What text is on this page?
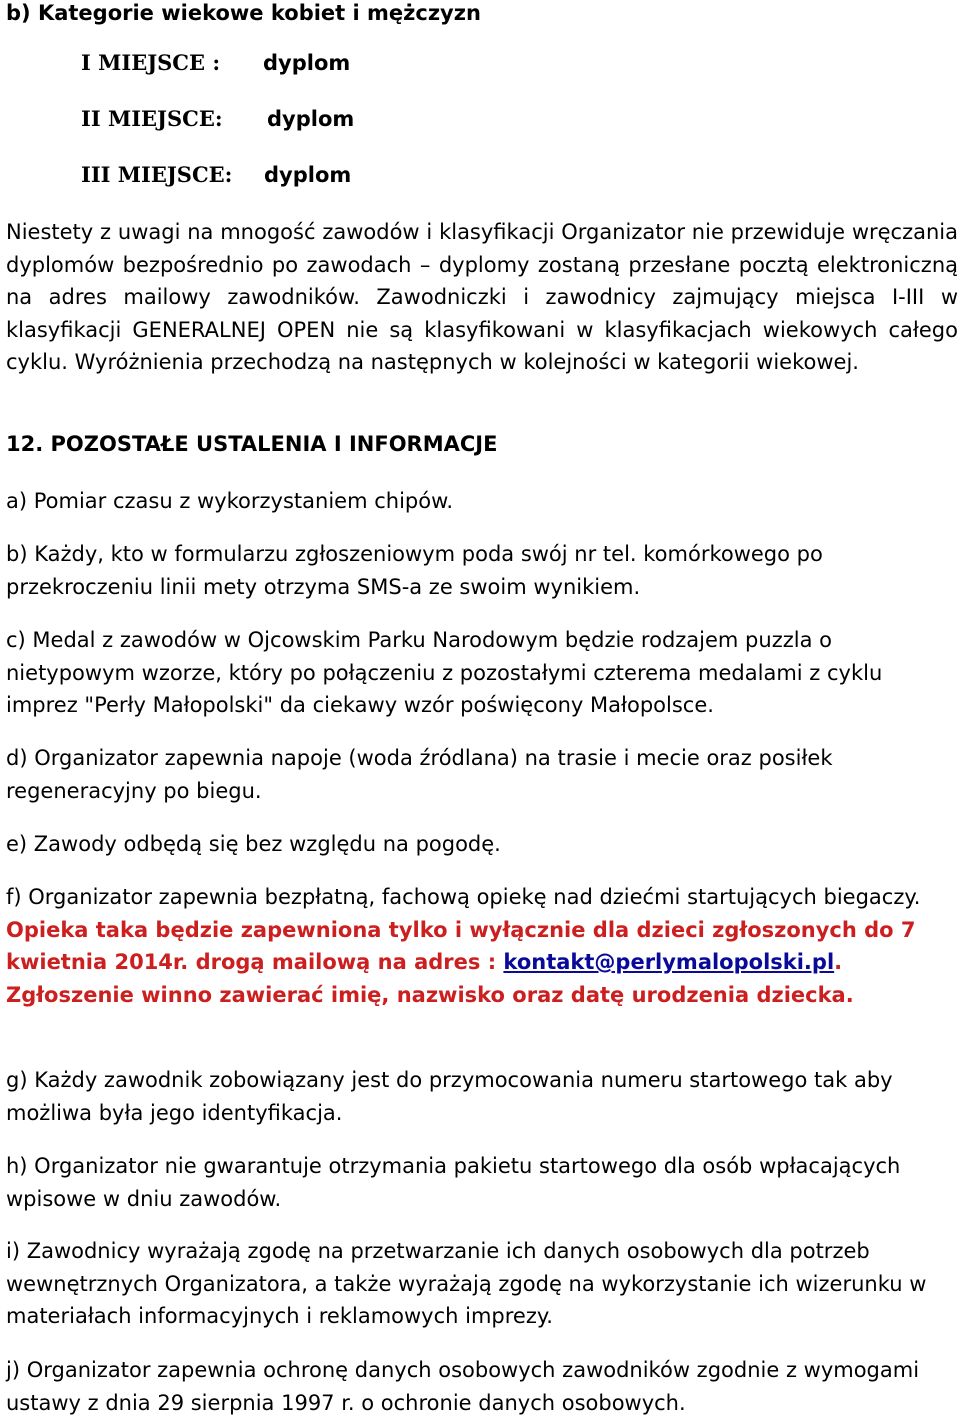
b) Kategorie wiekowe kobiet i mężczyzn
I MIEJSCE : dyplom
II MIEJSCE: dyplom
III MIEJSCE: dyplom

Niestety z uwagi na mnogość zawodów i klasyfikacji Organizator nie przewiduje wręczania dyplomów bezpośrednio po zawodach – dyplomy zostaną przesłane pocztą elektroniczną na adres mailowy zawodników. Zawodniczki i zawodnicy zajmujący miejsca I-III w klasyfikacji GENERALNEJ OPEN nie są klasyfikowani w klasyfikacjach wiekowych całego cyklu. Wyróżnienia przechodzą na następnych w kolejności w kategorii wiekowej.

12. POZOSTAŁE USTALENIA I INFORMACJE

a) Pomiar czasu z wykorzystaniem chipów.

b) Każdy, kto w formularzu zgłoszeniowym poda swój nr tel. komórkowego po przekroczeniu linii mety otrzyma SMS-a ze swoim wynikiem.

c) Medal z zawodów w Ojcowskim Parku Narodowym będzie rodzajem puzzla o nietypowym wzorze, który po połączeniu z pozostałymi czterema medalami z cyklu imprez "Perły Małopolski" da ciekawy wzór poświęcony Małopolsce.

d) Organizator zapewnia napoje (woda źródlana) na trasie i mecie oraz posiłek regeneracyjny po biegu.

e) Zawody odbędą się bez względu na pogodę.

f) Organizator zapewnia bezpłatną, fachową opiekę nad dziećmi startujących biegaczy. Opieka taka będzie zapewniona tylko i wyłącznie dla dzieci zgłoszonych do 7 kwietnia 2014r. drogą mailową na adres : kontakt@perlymalopolski.pl. Zgłoszenie winno zawierać imię, nazwisko oraz datę urodzenia dziecka.

g) Każdy zawodnik zobowiązany jest do przymocowania numeru startowego tak aby możliwa była jego identyfikacja.

h) Organizator nie gwarantuje otrzymania pakietu startowego dla osób wpłacających wpisowe w dniu zawodów.

i) Zawodnicy wyrażają zgodę na przetwarzanie ich danych osobowych dla potrzeb wewnętrznych Organizatora, a także wyrażają zgodę na wykorzystanie ich wizerunku w materiałach informacyjnych i reklamowych imprezy.

j) Organizator zapewnia ochronę danych osobowych zawodników zgodnie z wymogami ustawy z dnia 29 sierpnia 1997 r. o ochronie danych osobowych.
